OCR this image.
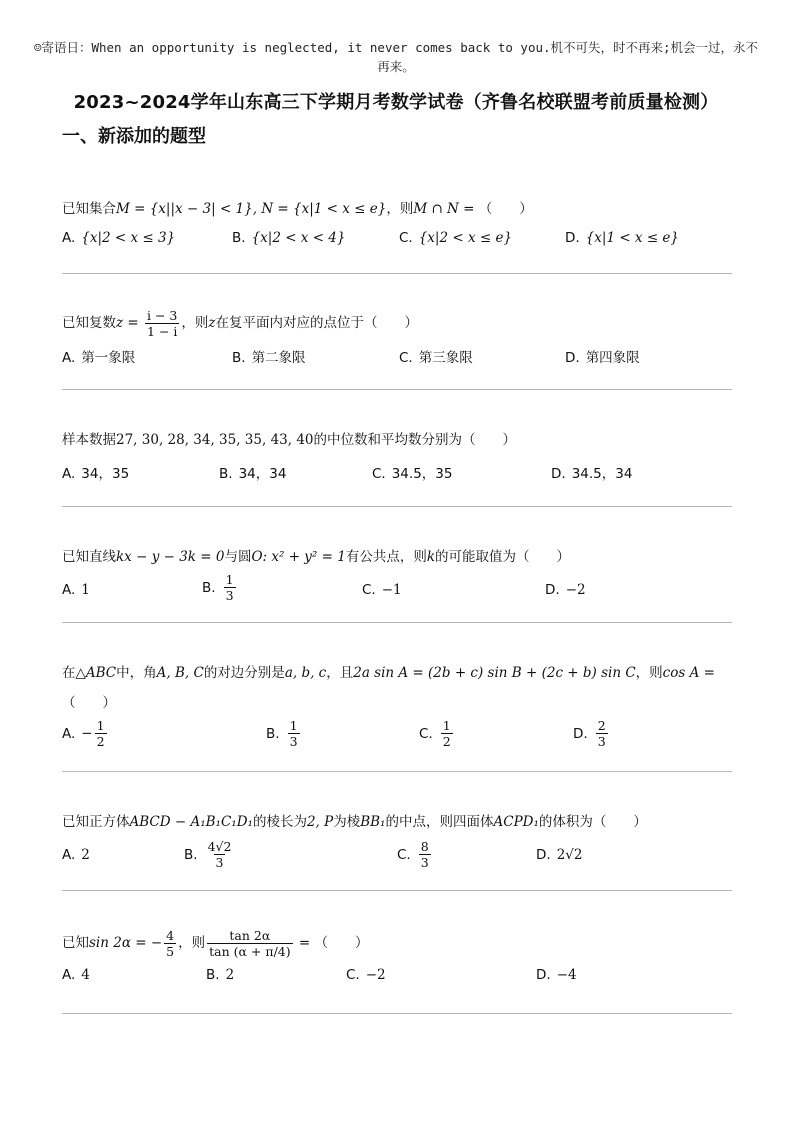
☺寄语日：When an opportunity is neglected, it never comes back to you.机不可失，时不再来;机会一过，永不再来。
2023~2024学年山东高三下学期月考数学试卷（齐鲁名校联盟考前质量检测）
一、新添加的题型
已知集合M = {x||x − 3| < 1}, N = {x|1 < x ≤ e}，则M ∩ N = （　　）
A. {x|2 < x ≤ 3}	B. {x|2 < x < 4}	C. {x|2 < x ≤ e}	D. {x|1 < x ≤ e}
已知复数$z = \frac{i - 3}{1 - i}$ ，则z在复平面内对应的点位于（　　）
A. 第一象限	B. 第二象限	C. 第三象限	D. 第四象限
样本数据27, 30, 28, 34, 35, 35, 43, 40的中位数和平均数分别为（　　）
A. 34，35	B. 34，34	C. 34.5，35	D. 34.5，34
已知直线kx − y − 3k = 0与圆O: x² + y² = 1有公共点，则k的可能取值为（　　）
A. 1	B. $\frac{1}{3}$	C. −1	D. −2
在△ABC中，角A, B, C的对边分别是a, b, c，且2a sin A = (2b + c) sin B + (2c + b) sin C，则cos A =
（　　）
A. − $\frac{1}{2}$	B. $\frac{1}{3}$	C. $\frac{1}{2}$	D. $\frac{2}{3}$
已知正方体ABCD − A₁B₁C₁D₁的棱长为2, P为棱BB₁的中点，则四面体ACPD₁的体积为（　　）
A. 2	B. $\frac{4√2}{3}$	C. $\frac{8}{3}$	D. 2√2
已知sin 2α = − $\frac{4}{5}$ ，则 $\frac{\tan 2\alpha}{\tan (\alpha + \pi/4)}$ = （　　）
A. 4	B. 2	C. −2	D. −4
